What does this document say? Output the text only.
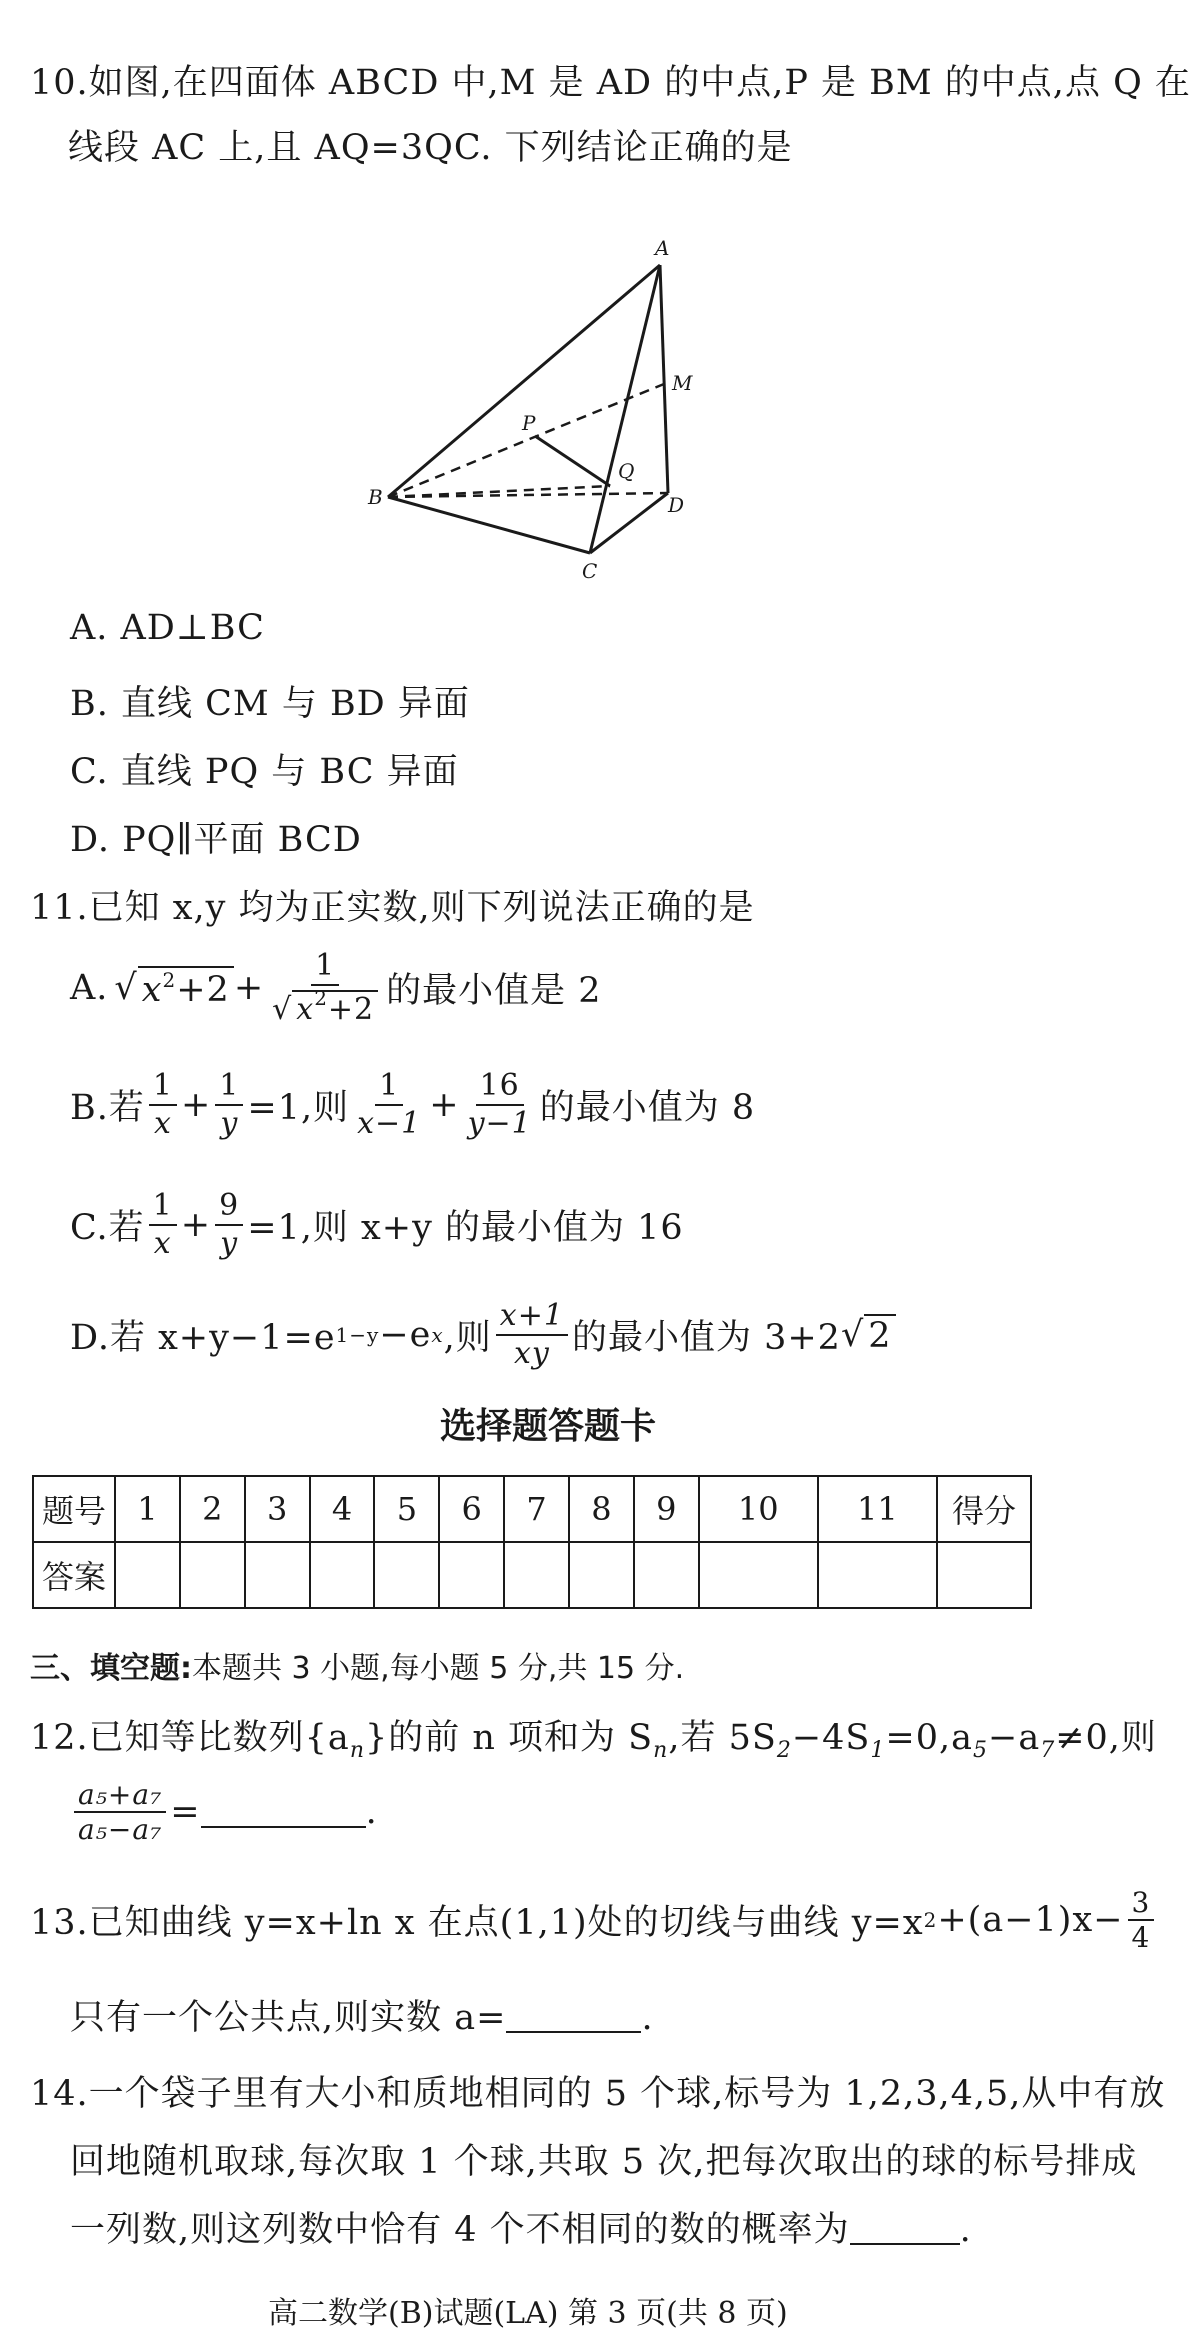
10.如图,在四面体 ABCD 中,M 是 AD 的中点,P 是 BM 的中点,点 Q 在
线段 AC 上,且 AQ=3QC. 下列结论正确的是
A
M
P
Q
B	D
C
A. AD⊥BC
B. 直线 CM 与 BD 异面
C. 直线 PQ 与 BC 异面
D. PQ∥平面 BCD
11.已知 x,y 均为正实数,则下列说法正确的是
A. √ $x^2+2 + \frac{1}{√ x^2+2}$ 的最小值是 2
B.若 $\frac{1}{x} + \frac{1}{y} =1$,则 $\frac{1}{x-1} + \frac{16}{y-1}$ 的最小值为 8
C.若 $\frac{1}{x} + \frac{9}{y} =1$,则 x+y 的最小值为 16
D.若 x+y−1=e 1−y −e x ,则 $\frac{x+1}{xy}$ 的最小值为 3+2 √ 2
选择题答题卡
题号	1	2	3	4	5	6	7	8	9	10	11	得分
答案												
三、填空题:本题共 3 小题,每小题 5 分,共 15 分.
12.已知等比数列$\{a_n\}$的前 n 项和为 $S_n$,若 $5S_2-4S_1=0,a_5-a_7\ne 0$,则
$\frac{\text{a₅+a₇}}{\text{a₅−a₇}}$ =	.
13.已知曲线 y=x+ln x 在点(1,1)处的切线与曲线 y=x $2 +(a-1)x- \frac{3}{4}$
只有一个公共点,则实数 a=	.
14.一个袋子里有大小和质地相同的 5 个球,标号为 1,2,3,4,5,从中有放
回地随机取球,每次取 1 个球,共取 5 次,把每次取出的球的标号排成
一列数,则这列数中恰有 4 个不相同的数的概率为	.
高二数学(B)试题(LA) 第 3 页(共 8 页)
